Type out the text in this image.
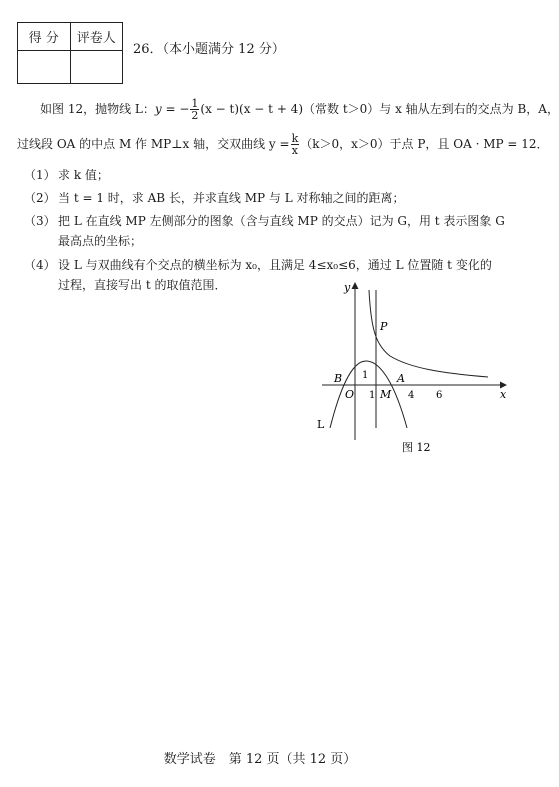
得 分	评卷人

26．（本小题满分 12 分）
如图 12，抛物线 L：y = − $\frac{1}{2} (x - t)(x - t + 4)$（常数 t＞0）与 x 轴从左到右的交点为 B，A，
过线段 OA 的中点 M 作 MP⊥x 轴，交双曲线 $y = \frac{k}{x} (k>0$，x＞0）于点 P，且 OA · MP = 12．
（1） 求 k 值；
（2） 当 t = 1 时，求 AB 长，并求直线 MP 与 L 对称轴之间的距离；
（3） 把 L 在直线 MP 左侧部分的图象（含与直线 MP 的交点）记为 G，用 t 表示图象 G
最高点的坐标；
（4） 设 L 与双曲线有个交点的横坐标为 x₀，且满足 4≤x₀≤6，通过 L 位置随 t 变化的
过程，直接写出 t 的取值范围．	y
x
P
B	A
O
1
1 M 4 6
L
图 12
数学试卷　第 12 页（共 12 页）
